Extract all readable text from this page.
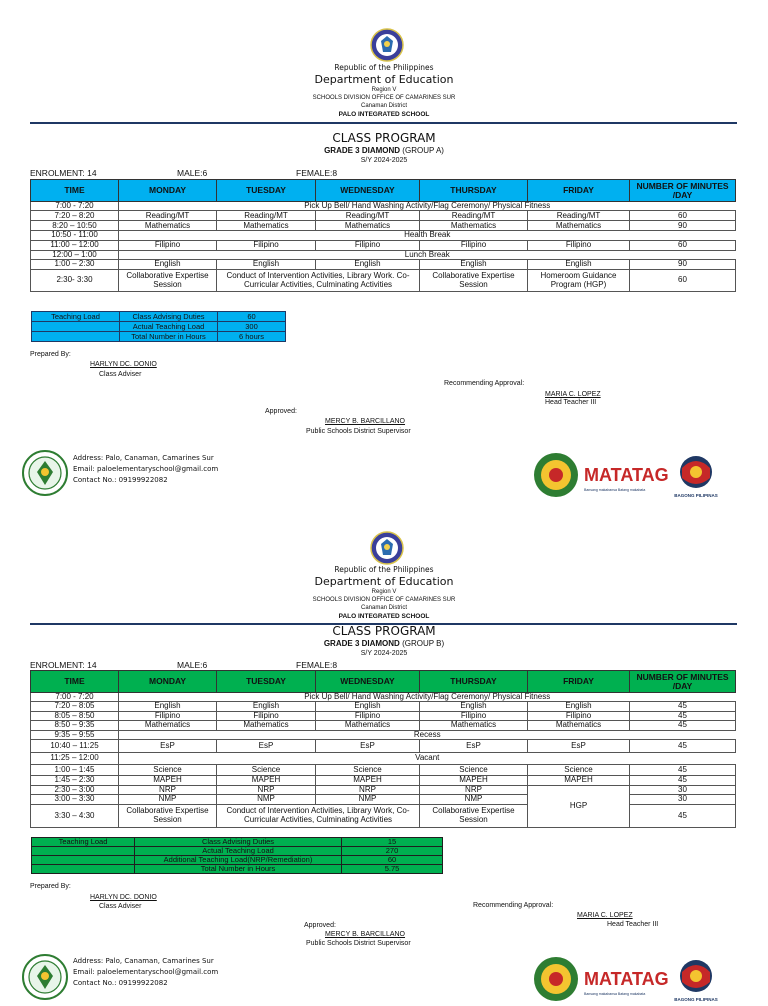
Republic of the Philippines
Department of Education
Region V
SCHOOLS DIVISION OFFICE OF CAMARINES SUR
Canaman District
PALO INTEGRATED SCHOOL
CLASS PROGRAM
GRADE 3 DIAMOND (GROUP A)
S/Y 2024-2025
ENROLMENT: 14	MALE:6	FEMALE:8
TIME	MONDAY	TUESDAY	WEDNESDAY	THURSDAY	FRIDAY	NUMBER OF MINUTES /DAY
7:00 - 7:20	Pick Up Bell/ Hand Washing Activity/Flag Ceremony/ Physical Fitness					
7:20 – 8:20	Reading/MT	Reading/MT	Reading/MT	Reading/MT	Reading/MT	60
8:20 – 10:50	Mathematics	Mathematics	Mathematics	Mathematics	Mathematics	90
10:50 - 11:00	Health Break					
11:00 – 12:00	Filipino	Filipino	Filipino	Filipino	Filipino	60
12:00 – 1:00	Lunch Break					
1:00 – 2:30	English	English	English	English	English	90
2:30- 3:30	Collaborative Expertise Session	Conduct of Intervention Activities, Library Work. Co-Curricular Activities, Culminating Activities		Collaborative Expertise Session	Homeroom Guidance Program (HGP)	60
Teaching Load	Class Advising Duties	60
	Actual Teaching Load	300
	Total Number in Hours	6 hours
Prepared By:
HARLYN DC. DONIO
Class Adviser
Recommending Approval:
MARIA C. LOPEZ
Head Teacher III
Approved:
MERCY B. BARCILLANO
Public Schools District Supervisor
Address: Palo, Canaman, Camarines Sur
Email: paloelementaryschool@gmail.com
Contact No.: 09199922082	MATATAG
Bansang makabansa Batang makabata
BAGONG PILIPINAS
Republic of the Philippines
Department of Education
Region V
SCHOOLS DIVISION OFFICE OF CAMARINES SUR
Canaman District
PALO INTEGRATED SCHOOL
CLASS PROGRAM
GRADE 3 DIAMOND (GROUP B)
S/Y 2024-2025
ENROLMENT: 14	MALE:6	FEMALE:8
TIME	MONDAY	TUESDAY	WEDNESDAY	THURSDAY	FRIDAY	NUMBER OF MINUTES /DAY
7:00 - 7:20	Pick Up Bell/ Hand Washing Activity/Flag Ceremony/ Physical Fitness					
7:20 – 8:05	English	English	English	English	English	45
8:05 – 8:50	Filipino	Filipino	Filipino	Filipino	Filipino	45
8:50 – 9:35	Mathematics	Mathematics	Mathematics	Mathematics	Mathematics	45
9:35 – 9:55	Recess					
10:40 – 11:25	EsP	EsP	EsP	EsP	EsP	45
11:25 – 12:00	Vacant					
1:00 – 1:45	Science	Science	Science	Science	Science	45
1:45 – 2:30	MAPEH	MAPEH	MAPEH	MAPEH	MAPEH	45
2:30 – 3:00	NRP	NRP	NRP	NRP	HGP	30
3:00 – 3:30	NMP	NMP	NMP	NMP		30
3:30 – 4:30	Collaborative Expertise Session	Conduct of Intervention Activities, Library Work, Co-Curricular Activities, Culminating Activities		Collaborative Expertise Session		45
Teaching Load	Class Advising Duties	15
	Actual Teaching Load	270
	Additional Teaching Load(NRP/Remediation)	60
	Total Number in Hours	5.75
Prepared By:
HARLYN DC. DONIO
Class Adviser	Recommending Approval:
MARIA C. LOPEZ
Head Teacher III
Approved:
MERCY B. BARCILLANO
Public Schools District Supervisor
Address: Palo, Canaman, Camarines Sur
Email: paloelementaryschool@gmail.com
Contact No.: 09199922082	MATATAG
Bansang makabansa Batang makabata
BAGONG PILIPINAS
